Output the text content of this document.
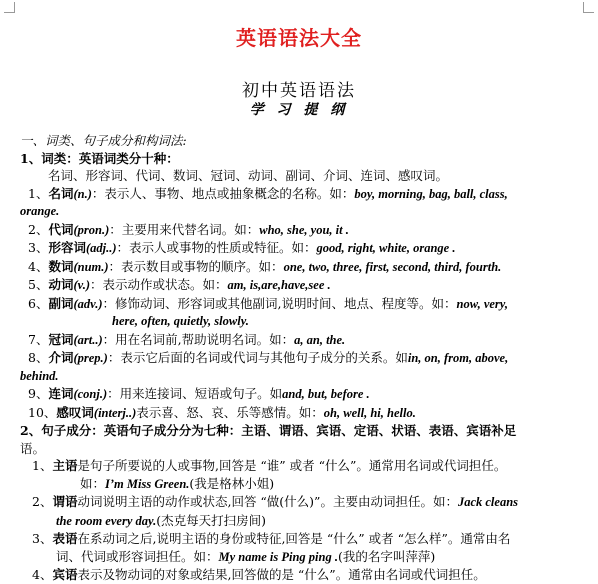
英语语法大全
初中英语语法
学 习 提 纲
一、词类、句子成分和构词法:
1、词类：英语词类分十种：
名词、形容词、代词、数词、冠词、动词、副词、介词、连词、感叹词。
1、名词(n.)：表示人、事物、地点或抽象概念的名称。如：boy, morning, bag, ball, class,
orange.
2、代词(pron.)：主要用来代替名词。如：who, she, you, it .
3、形容词(adj..)：表示人或事物的性质或特征。如：good, right, white, orange .
4、数词(num.)：表示数目或事物的顺序。如：one, two, three, first, second, third, fourth.
5、动词(v.)：表示动作或状态。如：am, is,are,have,see .
6、副词(adv.)：修饰动词、形容词或其他副词,说明时间、地点、程度等。如：now, very,
here, often, quietly, slowly.
7、冠词(art..)：用在名词前,帮助说明名词。如：a, an, the.
8、介词(prep.)：表示它后面的名词或代词与其他句子成分的关系。如in, on, from, above,
behind.
9、连词(conj.)：用来连接词、短语或句子。如and, but, before .
10、感叹词(interj..)表示喜、怒、哀、乐等感情。如：oh, well, hi, hello.
2、句子成分：英语句子成分分为七种：主语、谓语、宾语、定语、状语、表语、宾语补足
语。
1、主语是句子所要说的人或事物,回答是 “谁” 或者 “什么”。通常用名词或代词担任。
如：I’m Miss Green.(我是格林小姐)
2、谓语动词说明主语的动作或状态,回答 “做(什么)”。主要由动词担任。如：Jack cleans
the room every day.(杰克每天打扫房间)
3、表语在系动词之后,说明主语的身份或特征,回答是 “什么” 或者 “怎么样”。通常由名
词、代词或形容词担任。如：My name is Ping ping .(我的名字叫萍萍)
4、宾语表示及物动词的对象或结果,回答做的是 “什么”。通常由名词或代词担任。
